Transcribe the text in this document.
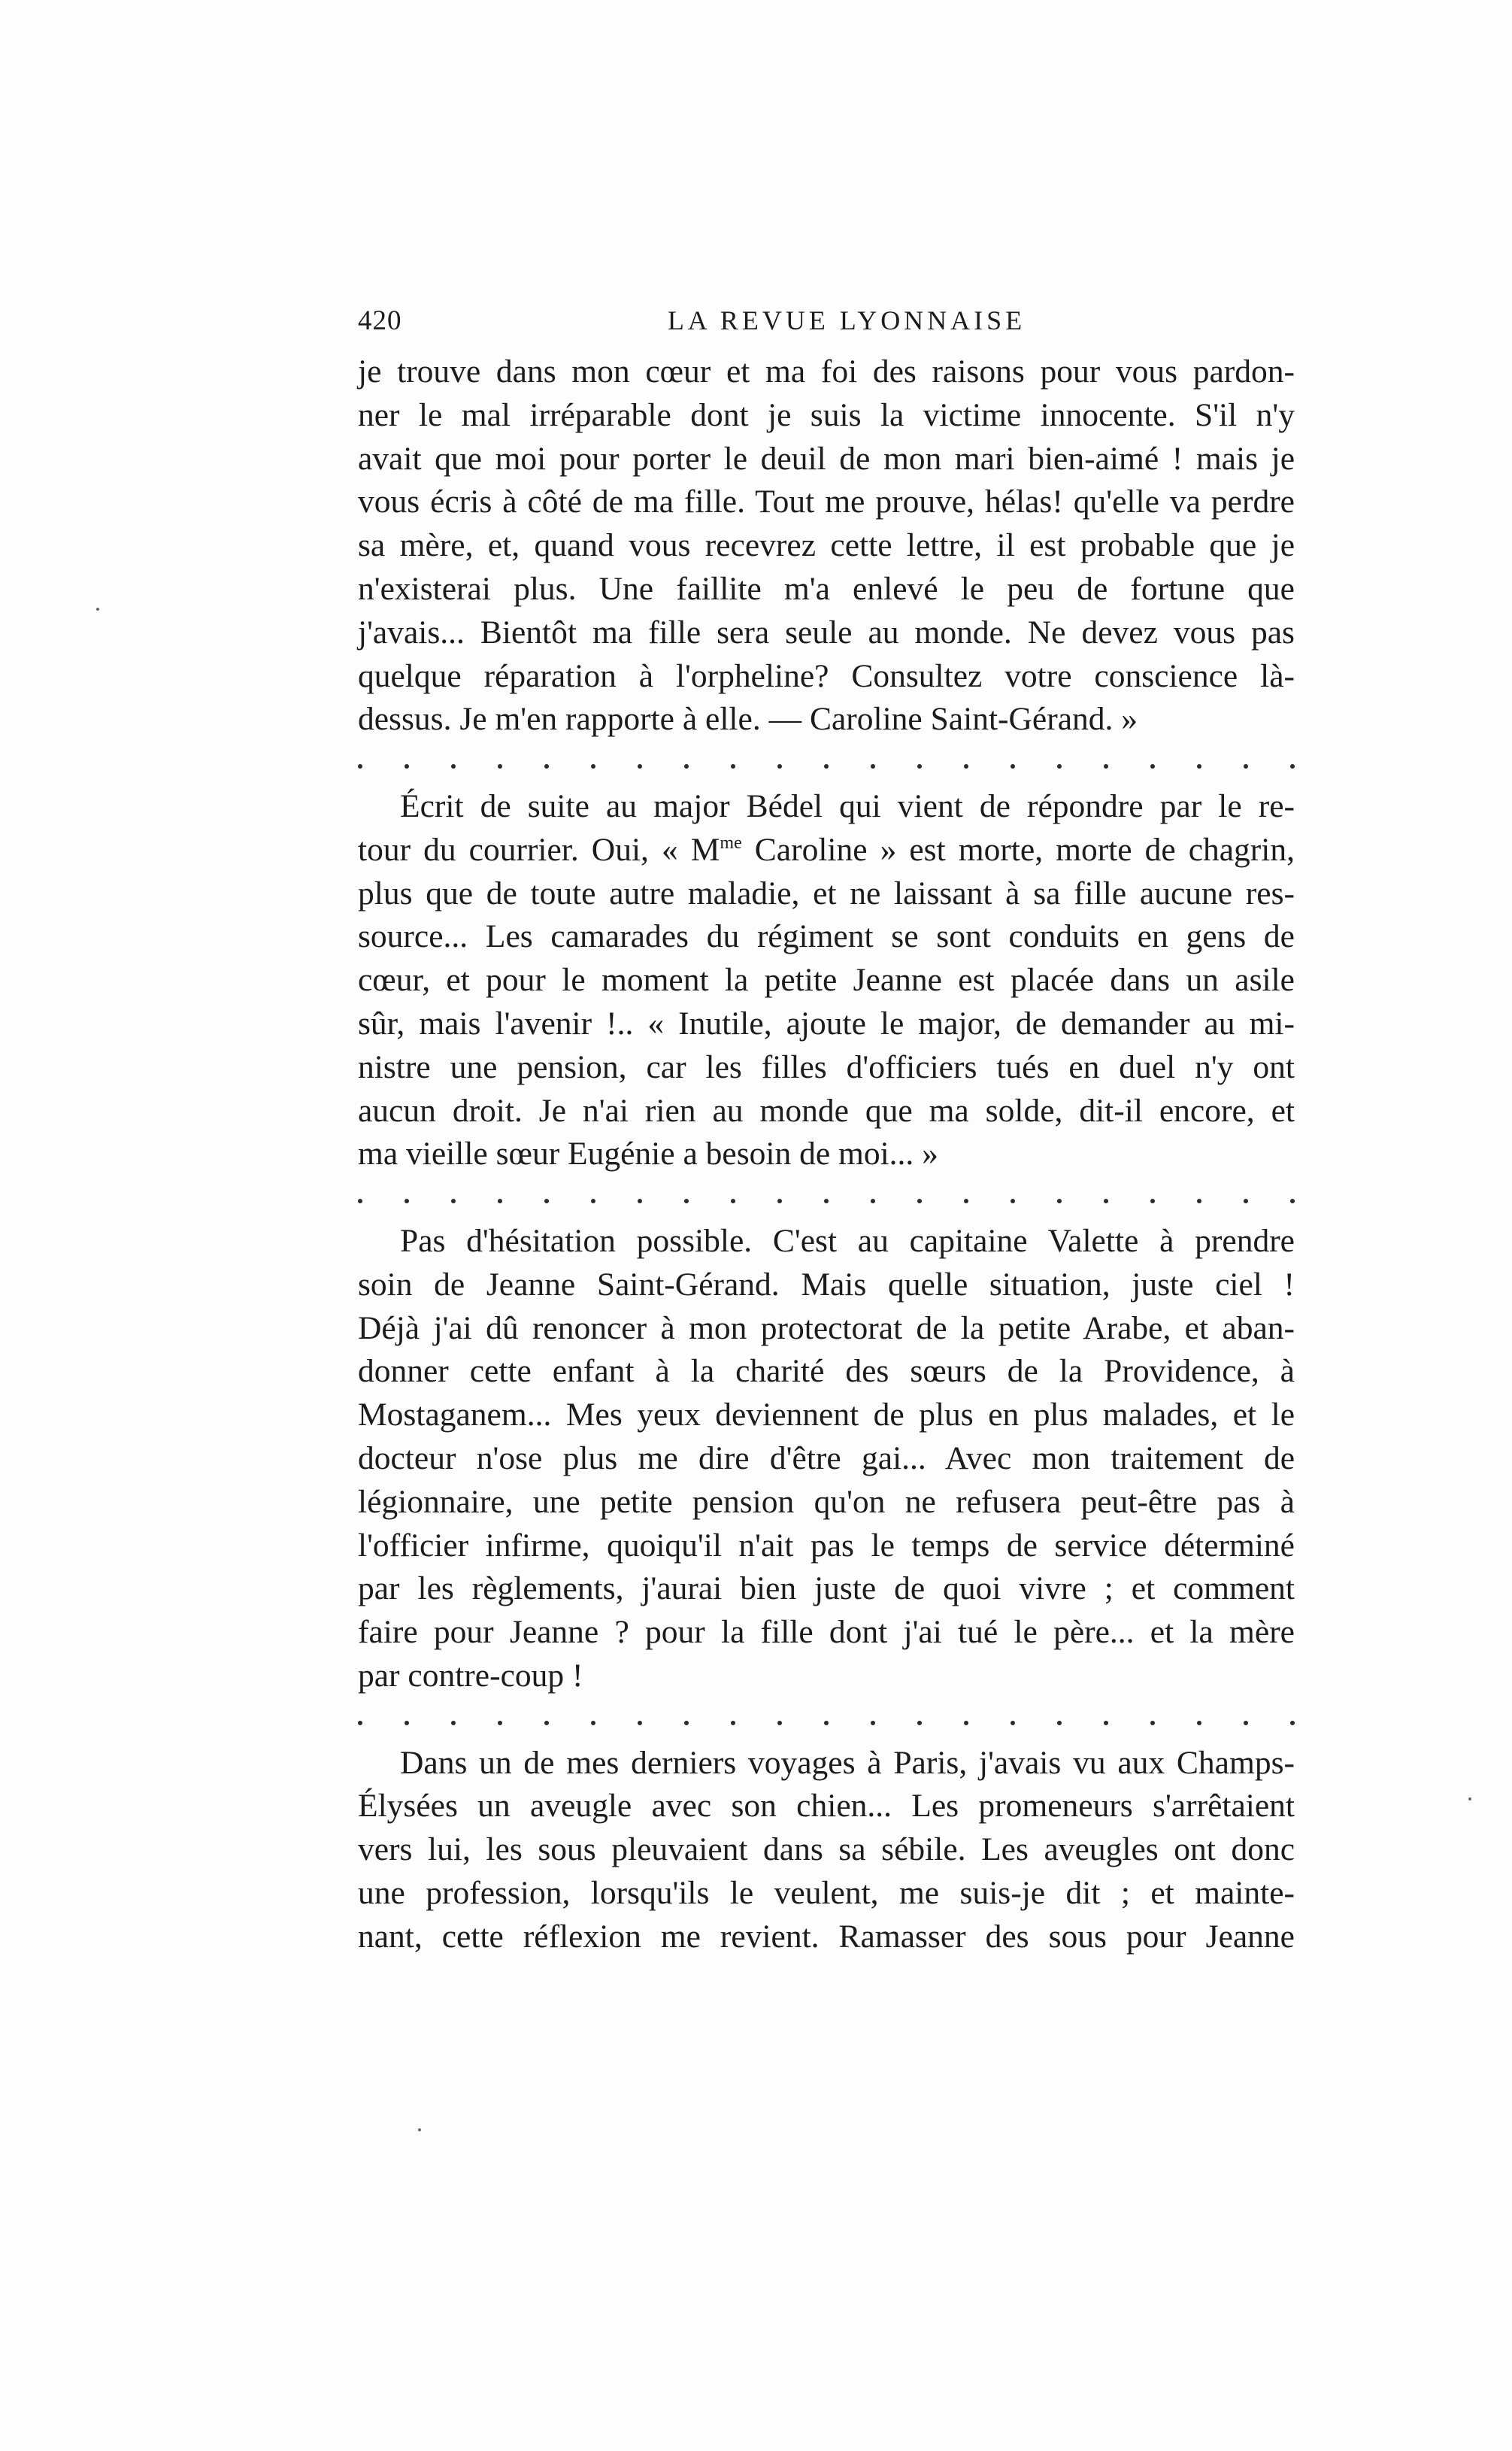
420	LA REVUE LYONNAISE
je trouve dans mon cœur et ma foi des raisons pour vous pardon-
ner le mal irréparable dont je suis la victime innocente. S'il n'y
avait que moi pour porter le deuil de mon mari bien-aimé ! mais je
vous écris à côté de ma fille. Tout me prouve, hélas! qu'elle va perdre
sa mère, et, quand vous recevrez cette lettre, il est probable que je
n'existerai plus. Une faillite m'a enlevé le peu de fortune que
j'avais... Bientôt ma fille sera seule au monde. Ne devez vous pas
quelque réparation à l'orpheline? Consultez votre conscience là-
dessus. Je m'en rapporte à elle. — Caroline Saint-Gérand. »
Écrit de suite au major Bédel qui vient de répondre par le re-
tour du courrier. Oui, « $M^{me}$ Caroline » est morte, morte de chagrin,
plus que de toute autre maladie, et ne laissant à sa fille aucune res-
source... Les camarades du régiment se sont conduits en gens de
cœur, et pour le moment la petite Jeanne est placée dans un asile
sûr, mais l'avenir !.. « Inutile, ajoute le major, de demander au mi-
nistre une pension, car les filles d'officiers tués en duel n'y ont
aucun droit. Je n'ai rien au monde que ma solde, dit-il encore, et
ma vieille sœur Eugénie a besoin de moi... »
Pas d'hésitation possible. C'est au capitaine Valette à prendre
soin de Jeanne Saint-Gérand. Mais quelle situation, juste ciel !
Déjà j'ai dû renoncer à mon protectorat de la petite Arabe, et aban-
donner cette enfant à la charité des sœurs de la Providence, à
Mostaganem... Mes yeux deviennent de plus en plus malades, et le
docteur n'ose plus me dire d'être gai... Avec mon traitement de
légionnaire, une petite pension qu'on ne refusera peut-être pas à
l'officier infirme, quoiqu'il n'ait pas le temps de service déterminé
par les règlements, j'aurai bien juste de quoi vivre ; et comment
faire pour Jeanne ? pour la fille dont j'ai tué le père... et la mère
par contre-coup !
Dans un de mes derniers voyages à Paris, j'avais vu aux Champs-
Élysées un aveugle avec son chien... Les promeneurs s'arrêtaient
vers lui, les sous pleuvaient dans sa sébile. Les aveugles ont donc
une profession, lorsqu'ils le veulent, me suis-je dit ; et mainte-
nant, cette réflexion me revient. Ramasser des sous pour Jeanne
